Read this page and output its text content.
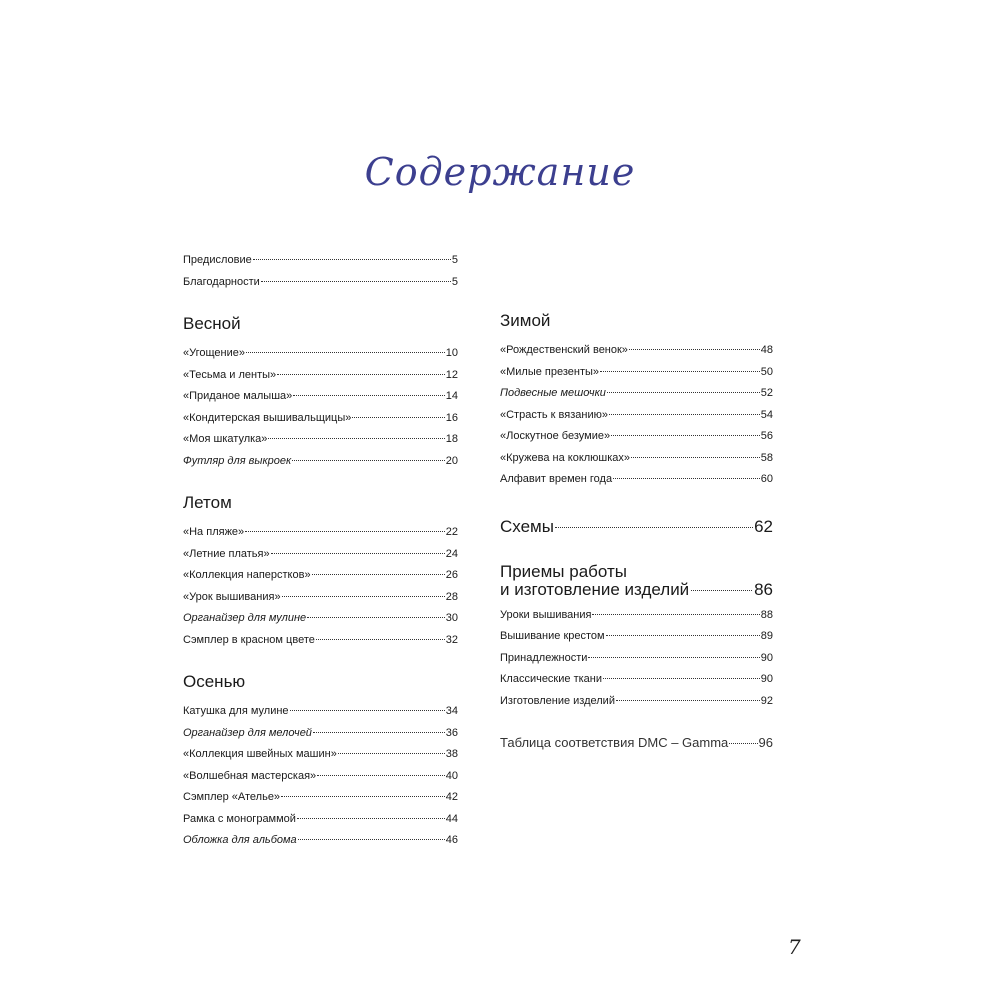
Содержание
Предисловие	5
Благодарности	5
Весной
«Угощение»	10
«Тесьма и ленты»	12
«Приданое малыша»	14
«Кондитерская вышивальщицы»	16
«Моя шкатулка»	18
Футляр для выкроек	20
Летом
«На пляже»	22
«Летние платья»	24
«Коллекция наперстков»	26
«Урок вышивания»	28
Органайзер для мулине	30
Сэмплер в красном цвете	32
Осенью
Катушка для мулине	34
Органайзер для мелочей	36
«Коллекция швейных машин»	38
«Волшебная мастерская»	40
Сэмплер «Ателье»	42
Рамка с монограммой	44
Обложка для альбома	46
Зимой
«Рождественский венок»	48
«Милые презенты»	50
Подвесные мешочки	52
«Страсть к вязанию»	54
«Лоскутное безумие»	56
«Кружева на коклюшках»	58
Алфавит времен года	60
Схемы	62
Приемы работы
и изготовление изделий	86
Уроки вышивания	88
Вышивание крестом	89
Принадлежности	90
Классические ткани	90
Изготовление изделий	92
Таблица соответствия DMC – Gamma 96
7
